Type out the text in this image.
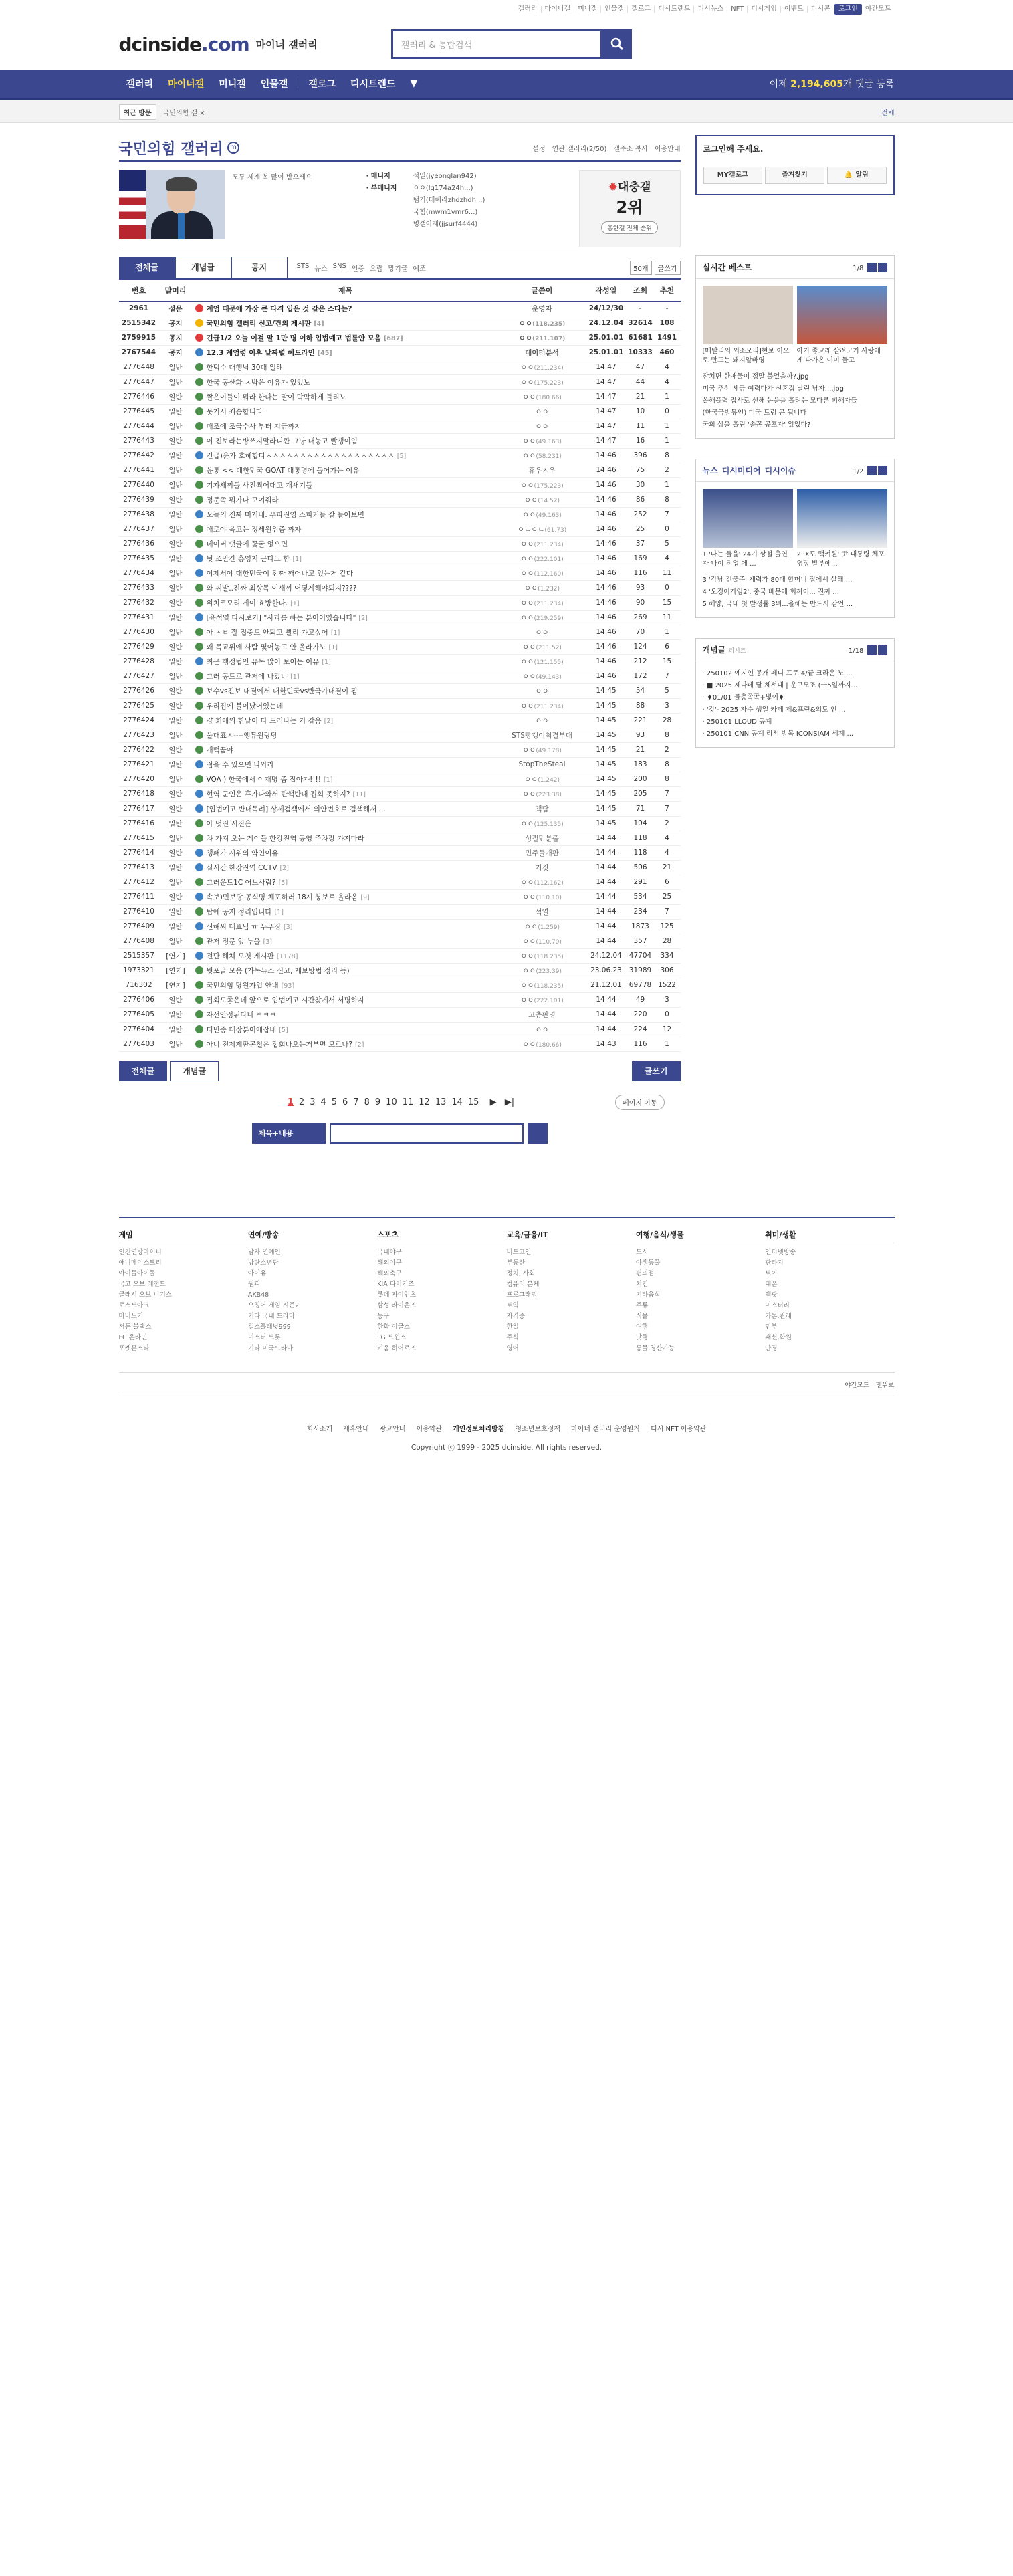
갤러리	마이너갤	미니갤	인물갤	갤로그	디시트렌드	디시뉴스	NFT	디시게임	이벤트	디시콘	로그인	야간모드
dcinside.com 마이너 갤러리	갤러리 & 통합검색
갤러리	마이너갤	미니갤	인물갤	갤로그	디시트렌드	▼	이제 2,194,605개 댓글 등록
최근 방문	국민의힘 갤 ×	전체
국민의힘 갤러리	m	설정 연관 갤러리(2/50) 갤주소 복사 이용안내
모두 세계 복 많이 받으세요	· 매니저	석열(jyeonglan942)
· 부매니저	ㅇㅇ(lg174a24h...)
탬기(테헤라zhdzhdh...)
국힘(mwm1vmr6...)
병갤아재(jjsurf4444)
✹대충갤
2위
흥한갤 전체 순위
전체글	개념글	공지	STS 뉴스 SNS 인증 요랍 망기글 예조	50개	글쓰기
번호	말머리	제목	글쓴이	작성일	조회	추천
2961	설문	계엄 때문에 가장 큰 타격 입은 것 같은 스타는?	운영자	24/12/30	-	-
2515342	공지	국민의힘 갤러리 신고/건의 게시판 [4]	ㅇㅇ(118.235)	24.12.04	32614	108
2759915	공지	긴급1/2 오늘 이걸 말 1만 명 이하 입법예고 법률안 모음 [687]	ㅇㅇ(211.107)	25.01.01	61681	1491
2767544	공지	12.3 계엄령 이후 날짜별 헤드라인 [45]	데이터분석	25.01.01	10333	460
2776448	일반	한덕수 대행님 30대 일해	ㅇㅇ(211.234)	14:47	47	4
2776447	일반	한국 공산화 ㅈ박은 이유가 있었노	ㅇㅇ(175.223)	14:47	44	4
2776446	일반	짤은이들이 뭐라 한다는 말이 막막하게 들리노	ㅇㅇ(180.66)	14:47	21	1
2776445	일반	뭇거서 죄송합니다	ㅇㅇ	14:47	10	0
2776444	일반	매조에 조국수사 부터 지금까지	ㅇㅇ	14:47	11	1
2776443	일반	이 진보라는방쓰지말라니깐 그냥 대놓고 빨갱이임	ㅇㅇ(49.163)	14:47	16	1
2776442	일반	긴급)윤카 호헤합다ㅅㅅㅅㅅㅅㅅㅅㅅㅅㅅㅅㅅㅅㅅㅅㅅㅅㅅㅅ [5]	ㅇㅇ(58.231)	14:46	396	8
2776441	일반	윤통 << 대한민국 GOAT 대통령에 들어가는 이유	휴우ㅅ우	14:46	75	2
2776440	일반	기자새끼들 사진찍어대고 개새기들	ㅇㅇ(175.223)	14:46	30	1
2776439	일반	정문쪽 뭐가나 모여줘라	ㅇㅇ(14.52)	14:46	86	8
2776438	일반	오늘의 진짜 미거네. 우파진영 스피커들 잘 들어보면	ㅇㅇ(49.163)	14:46	252	7
2776437	일반	애로야 육고는 징세원위즘 까자	ㅇㄴㅇㄴ(61.73)	14:46	25	0
2776436	일반	네이버 댓글에 꽃굴 없으면	ㅇㅇ(211.234)	14:46	37	5
2776435	일반	뒷 조만간 흥영지 근다고 함 [1]	ㅇㅇ(222.101)	14:46	169	4
2776434	일반	이제서야 대한민국이 진짜 깨어나고 있는거 같다	ㅇㅇ(112.160)	14:46	116	11
2776433	일반	와 씨발..진짜 최상목 이새끼 어떻게해야되지????	ㅇㅇ(1.232)	14:46	93	0
2776432	일반	위치코모리 게이 효방한다. [1]	ㅇㅇ(211.234)	14:46	90	15
2776431	일반	[윤석열 다시보기] "사과를 하는 분이어였습니다" [2]	ㅇㅇ(219.259)	14:46	269	11
2776430	일반	아 ㅅㅂ 잘 집중도 안되고 빨리 가고싶어 [1]	ㅇㅇ	14:46	70	1
2776429	일반	왜 목교위에 사람 몇어놓고 안 올라가노 [1]	ㅇㅇ(211.52)	14:46	124	6
2776428	일반	최근 행정법인 유독 많이 보이는 이유 [1]	ㅇㅇ(121.155)	14:46	212	15
2776427	일반	그러 공드로 관저에 나갔냐 [1]	ㅇㅇ(49.143)	14:46	172	7
2776426	일반	보수vs진보 대결에서 대한민국vs반국가대결이 됨	ㅇㅇ	14:45	54	5
2776425	일반	우리집에 불이났어있는데	ㅇㅇ(211.234)	14:45	88	3
2776424	일반	걍 회에의 한날이 다 드러나는 거 같음 [2]	ㅇㅇ	14:45	221	28
2776423	일반	울대표ㅅ----앵뮤원랑당	STS빵갱이척결부대	14:45	93	8
2776422	일반	개떡꿈야	ㅇㅇ(49.178)	14:45	21	2
2776421	일반	점을 수 있으면 나와라	StopTheSteal	14:45	183	8
2776420	일반	VOA ) 한국에서 이재명 좀 잡아가!!!! [1]	ㅇㅇ(1.242)	14:45	200	8
2776418	일반	현역 군인은 휴가나와서 탄핵반대 집회 못하지? [11]	ㅇㅇ(223.38)	14:45	205	7
2776417	일반	[입법예고 반대독려] 상세검색에서 의안번호로 검색해서 ...	책담	14:45	71	7
2776416	일반	아 멋진 시진은	ㅇㅇ(125.135)	14:45	104	2
2776415	일반	차 가져 오는 게이들 한강진역 공영 주차장 가지마라	성질민분출	14:44	118	4
2776414	일반	챙패가 시위의 약인이유	민주들개판	14:44	118	4
2776413	일반	실시간 한강진역 CCTV [2]	거짓	14:44	506	21
2776412	일반	그러운드1C 어느사람? [5]	ㅇㅇ(112.162)	14:44	291	6
2776411	일반	속보)민보당 공식명 체포하러 18시 붕보로 올라옴 [9]	ㅇㅇ(110.10)	14:44	534	25
2776410	일반	탑에 공지 정리입니다 [1]	석열	14:44	234	7
2776409	일반	신해씨 대표님 ㅠ 누우징 [3]	ㅇㅇ(1.259)	14:44	1873	125
2776408	일반	관저 정문 앞 누울 [3]	ㅇㅇ(110.70)	14:44	357	28
2515357	[연기]	전단 해체 모첫 게시판 [1178]	ㅇㅇ(118.235)	24.12.04	47704	334
1973321	[연기]	뭣포글 모음 (가독뉴스 신고, 제보방법 정리 등)	ㅇㅇ(223.39)	23.06.23	31989	306
716302	[연기]	국민의힘 당원가입 안내 [93]	ㅇㅇ(118.235)	21.12.01	69778	1522
2776406	일반	집회도좋은데 앞으로 입법예고 시간찾게서 서명하자	ㅇㅇ(222.101)	14:44	49	3
2776405	일반	자선안정된다네 ㅋㅋㅋ	고층판명	14:44	220	0
2776404	일반	더민중 대장분이에잡네 [5]	ㅇㅇ	14:44	224	12
2776403	일반	아니 전제제판곤철은 집회나오는거부면 모르나? [2]	ㅇㅇ(180.66)	14:43	116	1
전체글	개념글	글쓰기
1 2 3 4 5 6 7 8 9 10 11 12 13 14 15 ▶ ▶|	페이지 이동
제목+내용
로그인해 주세요.
MY갤로그	즐겨찾기	🔔 알림
실시간 베스트	1/8
[메탈리의 외소오리]현보 이오로 만드는 돼지알바영
아기 좋고래 살려고기 사랑에게 다가온 이미 들고
잠치면 한애물이 정말 불었을까?.jpg
미국 추석 세금 여력다가 선혼집 날린 남자....jpg
올해플력 잡사로 선해 논을을 흘려는 모다른 피해자들
(한국국방뮤인) 미국 트럼 곤 됩니다
국회 상을 흘린 '솔꼰 공포자' 있었다?
뉴스 디시미디어 디시이슈	1/2
1 '나는 들을' 24기 상철 출연자 나이 직업 에 ...
2 'X도 맥켜원' 尹 대통령 체포영장 발부에...
3 '강남 건물주' 재력가 80대 할머니 집에서 살해 ...
4 '오징어게임2', 중국 배문에 회끼이... 진짜 ...
5 해양, 국내 첫 발생률 3위...올해는 반드시 같언 ...
개념글 리시트	1/18
· 250102 예지인 공개 페니 프로 4/끝 크라운 노 ...
· ■ 2025 제나페 달 체서대 | 운구모조 (ㅡ5일까지...
· ♦01/01 물총쪽쪽+빛이♦
· '갓'- 2025 자수 생일 카페 제&프린&의도 인 ...
· 250101 LLOUD 공계
· 250101 CNN 공계 리서 방목 ICONSIAM 세계 ...
게임
인천연방마이너
애니메이스트리
아이돌아이돌
국고 오브 레전드
클래시 오브 니기스
로스트아크
마비노기
서든 블랙스
FC 온라인
포켓몬스타
연예/방송
남자 연예인
방탄소년단
아이유
원피
AKB48
오징어 게임 시즌2
기타 국내 드라마
걸스플래닛999
미스터 트롯
기타 미국드라마
스포츠
국내야구
해외야구
해외축구
KIA 타이거즈
롯데 자이언츠
삼성 라이온즈
농구
한화 이글스
LG 트윈스
키움 히어로즈
교육/금융/IT
비트코인
부동산
정치, 사회
컴퓨터 본체
프로그래밍
토익
자격증
한일
주식
영어
여행/음식/생물
도시
야생동물
편의점
치킨
기타음식
주류
식물
여행
맛행
동물,청산가능
취미/생활
인터넷방송
판타지
토이
대폰
액팟
미스터리
카톤.관래
민부
패션,학원
안경
야간모드 맨위로
회사소개 제휴안내 광고안내 이용약관 개인정보처리방침 청소년보호정책 마이너 갤러리 운영원칙 디시 NFT 이용약관
Copyright ⓒ 1999 - 2025 dcinside. All rights reserved.
